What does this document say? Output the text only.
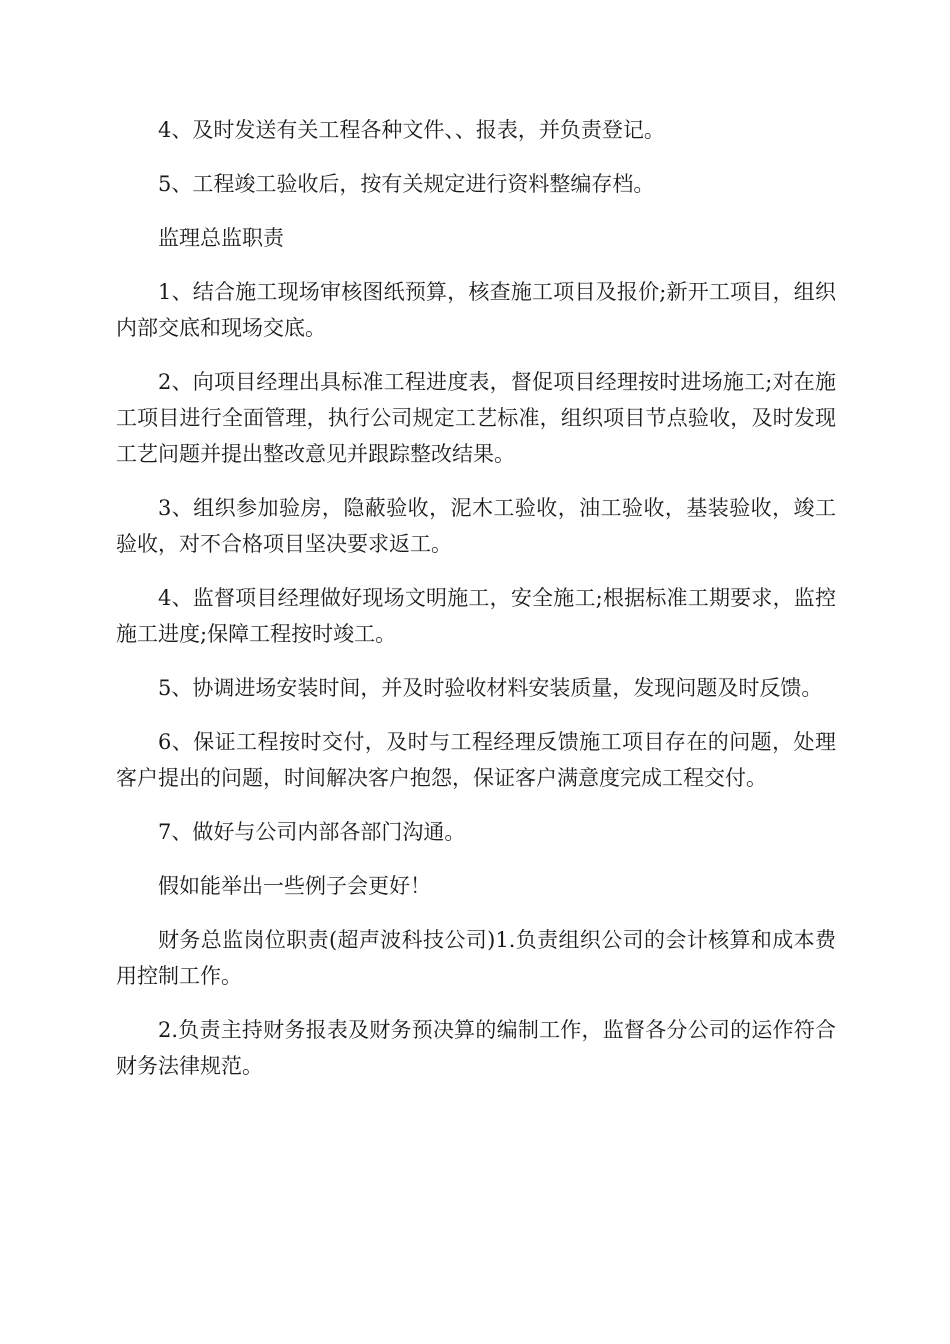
4、及时发送有关工程各种文件、、报表，并负责登记。

5、工程竣工验收后，按有关规定进行资料整编存档。

监理总监职责

1、结合施工现场审核图纸预算，核查施工项目及报价;新开工项目，组织内部交底和现场交底。

2、向项目经理出具标准工程进度表，督促项目经理按时进场施工;对在施工项目进行全面管理，执行公司规定工艺标准，组织项目节点验收，及时发现工艺问题并提出整改意见并跟踪整改结果。

3、组织参加验房，隐蔽验收，泥木工验收，油工验收，基装验收，竣工验收，对不合格项目坚决要求返工。

4、监督项目经理做好现场文明施工，安全施工;根据标准工期要求，监控施工进度;保障工程按时竣工。

5、协调进场安装时间，并及时验收材料安装质量，发现问题及时反馈。

6、保证工程按时交付，及时与工程经理反馈施工项目存在的问题，处理客户提出的问题，时间解决客户抱怨，保证客户满意度完成工程交付。

7、做好与公司内部各部门沟通。

假如能举出一些例子会更好！

财务总监岗位职责(超声波科技公司)1.负责组织公司的会计核算和成本费用控制工作。

2.负责主持财务报表及财务预决算的编制工作，监督各分公司的运作符合财务法律规范。
